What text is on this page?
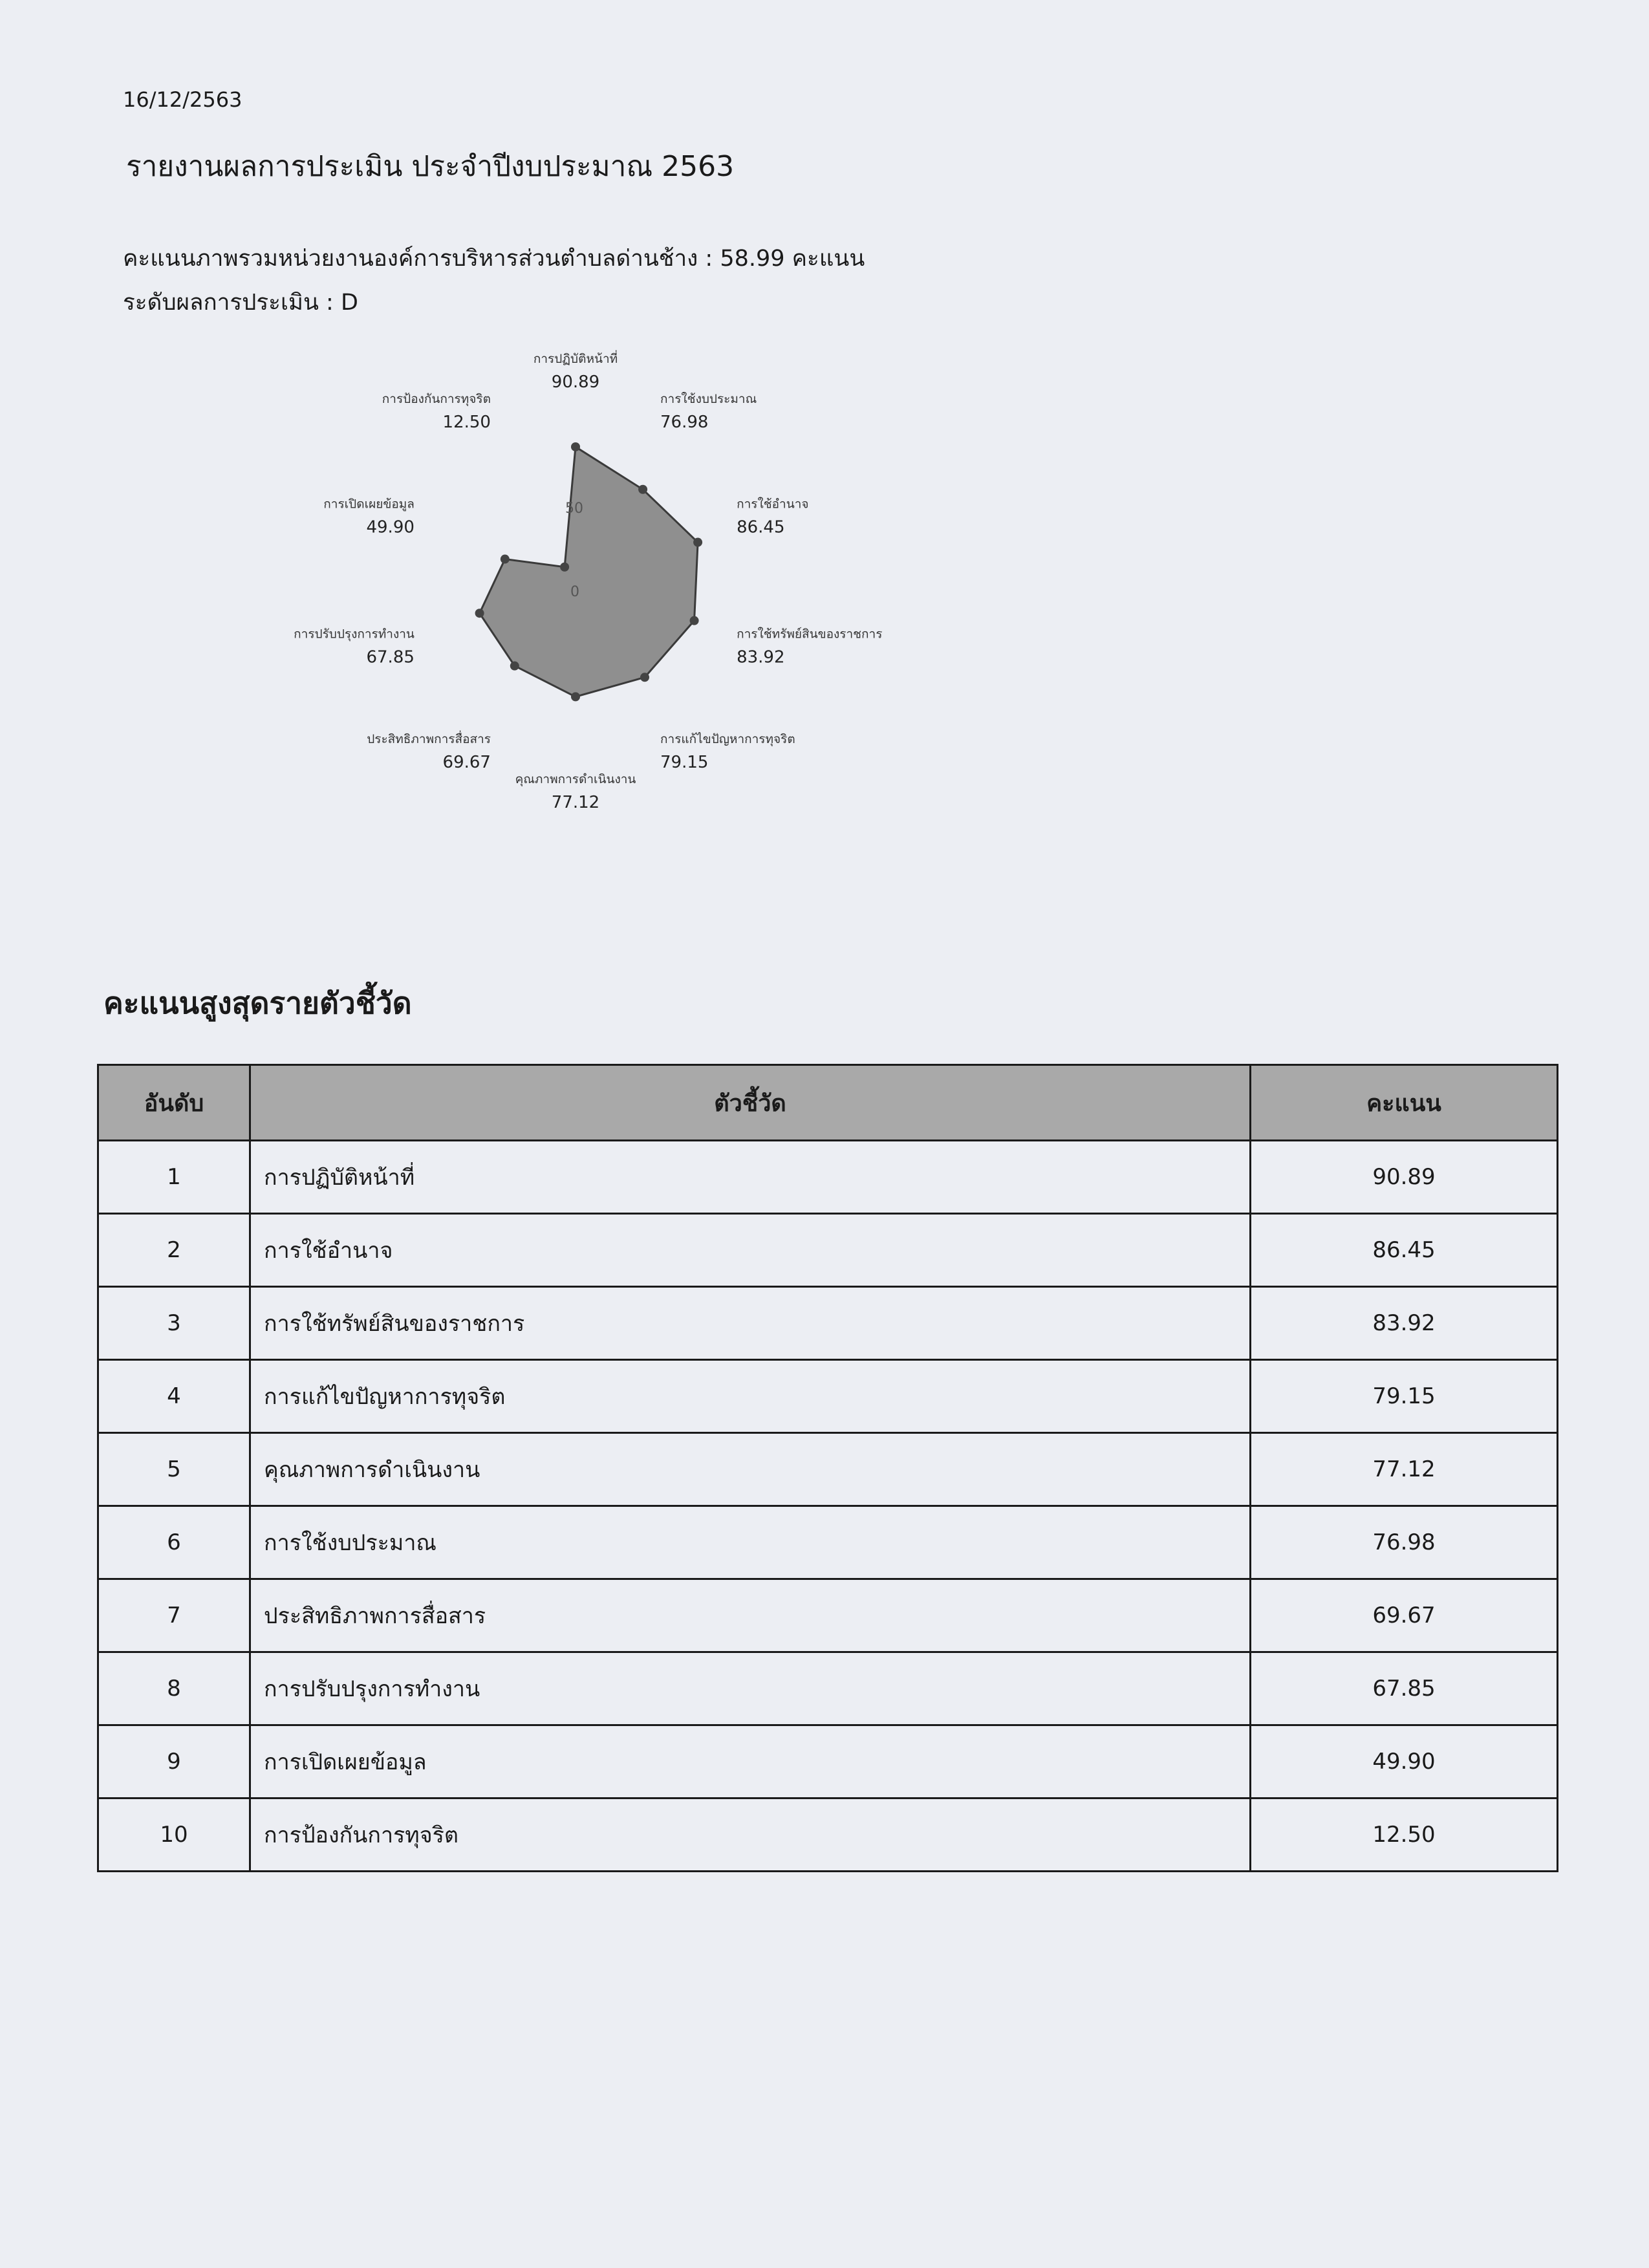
16/12/2563
รายงานผลการประเมิน ประจำปีงบประมาณ 2563
คะแนนภาพรวมหน่วยงานองค์การบริหารส่วนตำบลด่านช้าง : 58.99 คะแนน
ระดับผลการประเมิน : D
0
50
การปฏิบัติหน้าที่
90.89
การใช้งบประมาณ
76.98
การใช้อำนาจ
86.45
การใช้ทรัพย์สินของราชการ
83.92
การแก้ไขปัญหาการทุจริต
79.15
คุณภาพการดำเนินงาน
77.12
ประสิทธิภาพการสื่อสาร
69.67
การปรับปรุงการทำงาน
67.85
การเปิดเผยข้อมูล
49.90
การป้องกันการทุจริต
12.50
คะแนนสูงสุดรายตัวชี้วัด
อันดับ	ตัวชี้วัด	คะแนน
1	การปฏิบัติหน้าที่	90.89
2	การใช้อำนาจ	86.45
3	การใช้ทรัพย์สินของราชการ	83.92
4	การแก้ไขปัญหาการทุจริต	79.15
5	คุณภาพการดำเนินงาน	77.12
6	การใช้งบประมาณ	76.98
7	ประสิทธิภาพการสื่อสาร	69.67
8	การปรับปรุงการทำงาน	67.85
9	การเปิดเผยข้อมูล	49.90
10	การป้องกันการทุจริต	12.50
